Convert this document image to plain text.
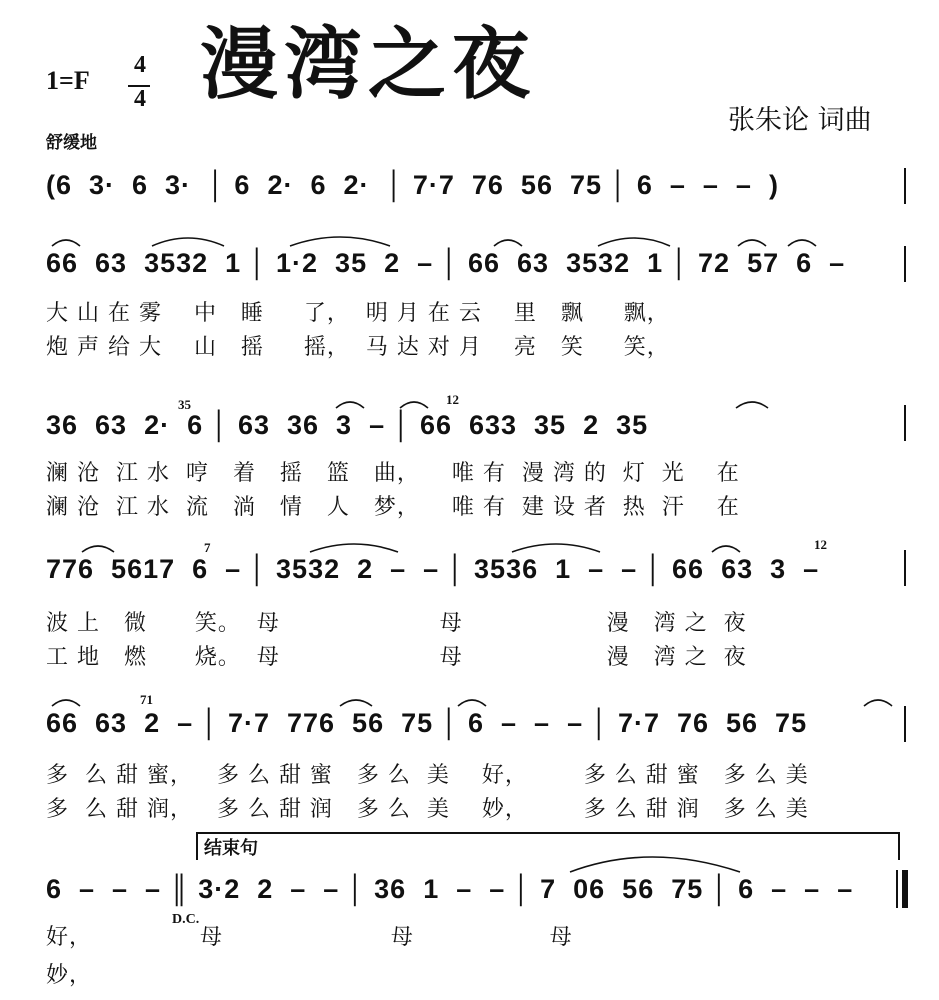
漫湾之夜
1=F
4
4
张朱论 词曲
舒缓地
(6  3·  6  3·  │ 6  2·  6  2·  │ 7·7  76  56  75 │ 6  –  –  –  )
66  63  3532  1 │ 1·2  35  2  – │ 66  63  3532  1 │ 72  57  6  –
大 山 在 雾    中   睡     了，  明 月 在 云    里   飘     飘，
炮 声 给 大    山   摇     摇，  马 达 对 月    亮   笑     笑，
35	12
36  63  2·  6 │ 63  36  3  – │ 66  633  35  2  35
澜 沧  江 水  哼   着   摇   篮   曲，    唯 有  漫 湾 的  灯  光    在
澜 沧  江 水  流   淌   情   人   梦，    唯 有  建 设 者  热  汗    在
7	12
776  5617  6  – │ 3532  2  –  – │ 3536  1  –  – │ 66  63  3  –
波 上   微      笑。  母                    母                  漫   湾 之  夜
工 地   燃      烧。  母                    母                  漫   湾 之  夜
71
66  63  2  – │ 7·7  776  56  75 │ 6  –  –  – │ 7·7  76  56  75
多  么 甜 蜜，   多 么 甜 蜜   多 么  美    好，       多 么 甜 蜜   多 么 美
多  么 甜 润，   多 么 甜 润   多 么  美    妙，       多 么 甜 润   多 么 美
结束句
6  –  –  – ║ 3·2  2  –  – │ 36  1  –  – │ 7  06  56  75 │ 6  –  –  –
D.C.
好，	母                     母                 母
妙，
